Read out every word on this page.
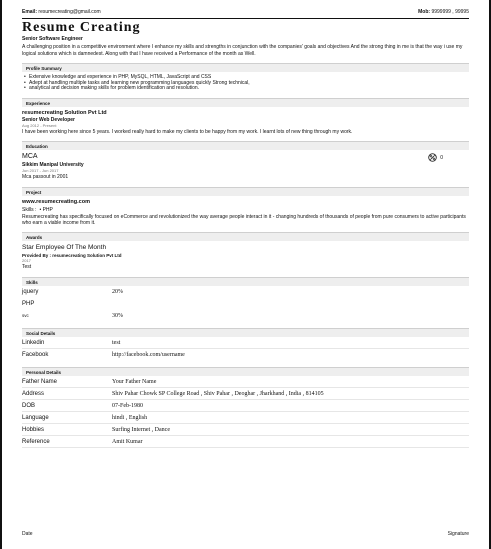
Email: resumecreating@gmail.com	Mob: 9999999 , 99995
Resume Creating
Senior Software Engineer
A challenging position in a competitive environment where I enhance my skills and strengths in conjunction with the companies' goals and objectives And the strong thing in me is that the way i use my logical solutions which is damnedest. Along with that I have received a Performance of the month as Well.
Profile Summary
• Extensive knowledge and experience in PHP, MySQL, HTML, JavaScript and CSS
• Adept at handling multiple tasks and learning new programming languages quickly Strong technical,
• analytical and decision making skills for problem identification and resolution.
Experience
resumecreating Solution Pvt Ltd
Senior Web Developer
Aug 2012 - Present
I have been working here since 5 years. I worked really hard to make my clients to be happy from my work. I learnt lots of new thing through my work.
Education
MCA
Sikkim Manipal University
Jun 2017 - Jun 2017
0
Mca passout in 2001
Project
www.resumecreating.com
Skills : • PHP
Resumecreating has specifically focused on eCommerce and revolutionized the way average people interact in it - changing hundreds of thousands of people from pure consumers to active participants who earn a viable income from it.
Awards
Star Employee Of The Month
Provided By : resumecreating Solution Pvt Ltd
2017
Test
Skills
jquery	20%
PHP
svc	30%
Social Details
Linkedin	test
Facebook	http://facebook.com/username
Personal Details
Father Name	Your Father Name
Address	Shiv Pahar Chowk SP College Road , Shiv Pahar , Deoghar , Jharkhand , India , 814105
DOB	07-Feb-1980
Language	hindi , English
Hobbies	Surfing Internet , Dance
Reference	Amit Kumar
Date	Signature
